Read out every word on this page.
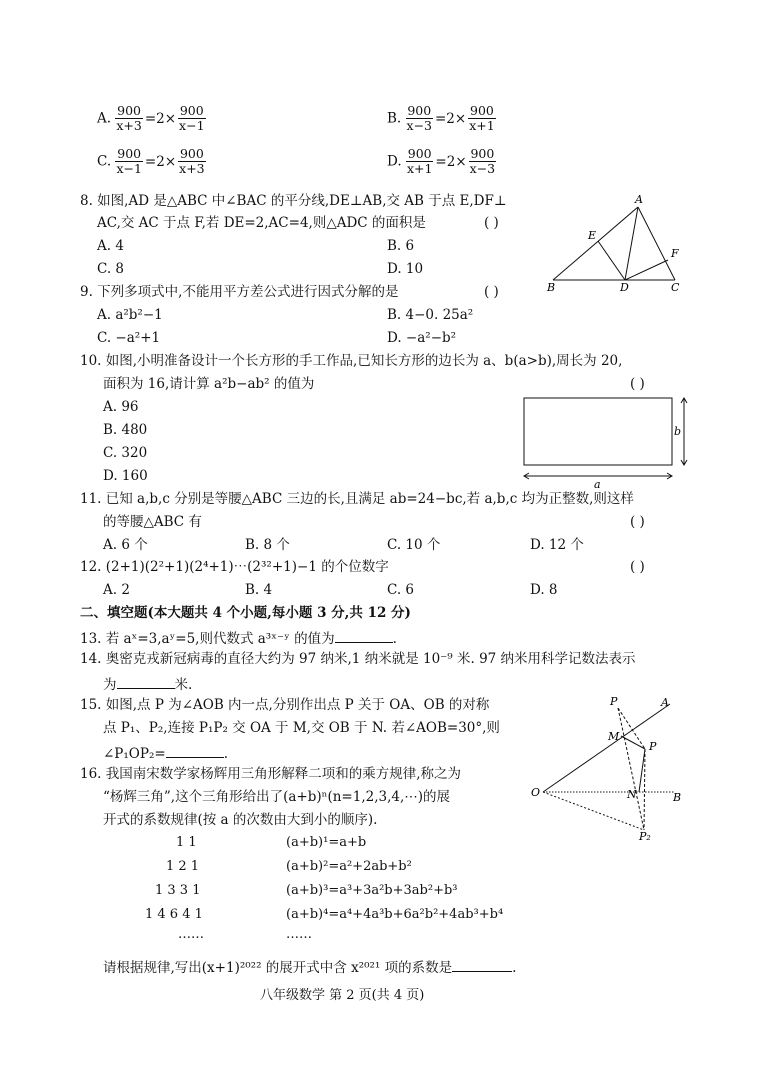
A. $\frac{900}{x+3} =2\times \frac{900}{x-1}$	B. $\frac{900}{x-3} =2\times \frac{900}{x+1}$
C. $\frac{900}{x-1} =2\times \frac{900}{x+3}$	D. $\frac{900}{x+1} =2\times \frac{900}{x-3}$
8. 如图,AD 是△ABC 中∠BAC 的平分线,DE⊥AB,交 AB 于点 E,DF⊥
AC,交 AC 于点 F,若 DE=2,AC=4,则△ADC 的面积是	( )
A. 4	B. 6
C. 8	D. 10
A
E
F
B	D	C
9. 下列多项式中,不能用平方差公式进行因式分解的是	( )
A. a²b²−1	B. 4−0. 25a²
C. −a²+1	D. −a²−b²
10. 如图,小明准备设计一个长方形的手工作品,已知长方形的边长为 a、b(a>b),周长为 20,
面积为 16,请计算 a²b−ab² 的值为	( )
A. 96
B. 480
C. 320
D. 160
b
a
11. 已知 a,b,c 分别是等腰△ABC 三边的长,且满足 ab=24−bc,若 a,b,c 均为正整数,则这样
的等腰△ABC 有	( )
A. 6 个	B. 8 个	C. 10 个	D. 12 个
12. (2+1)(2²+1)(2⁴+1)⋯(2³²+1)−1 的个位数字	( )
A. 2	B. 4	C. 6	D. 8
二、填空题(本大题共 4 个小题,每小题 3 分,共 12 分)
13. 若 aˣ=3,aʸ=5,则代数式 a³ˣ⁻ʸ 的值为	.
14. 奥密克戎新冠病毒的直径大约为 97 纳米,1 纳米就是 10⁻⁹ 米. 97 纳米用科学记数法表示
为	米.
15. 如图,点 P 为∠AOB 内一点,分别作出点 P 关于 OA、OB 的对称
点 P₁、P₂,连接 P₁P₂ 交 OA 于 M,交 OB 于 N. 若∠AOB=30°,则
∠P₁OP₂=	.
P	A
M
P
O	N	B
P₂
16. 我国南宋数学家杨辉用三角形解释二项和的乘方规律,称之为
“杨辉三角”,这个三角形给出了(a+b)ⁿ(n=1,2,3,4,⋯)的展
开式的系数规律(按 a 的次数由大到小的顺序).
1 1
1 2 1
1 3 3 1
1 4 6 4 1
……
(a+b)¹=a+b
(a+b)²=a²+2ab+b²
(a+b)³=a³+3a²b+3ab²+b³
(a+b)⁴=a⁴+4a³b+6a²b²+4ab³+b⁴
……
请根据规律,写出(x+1)²⁰²² 的展开式中含 x²⁰²¹ 项的系数是	.
八年级数学 第 2 页(共 4 页)
